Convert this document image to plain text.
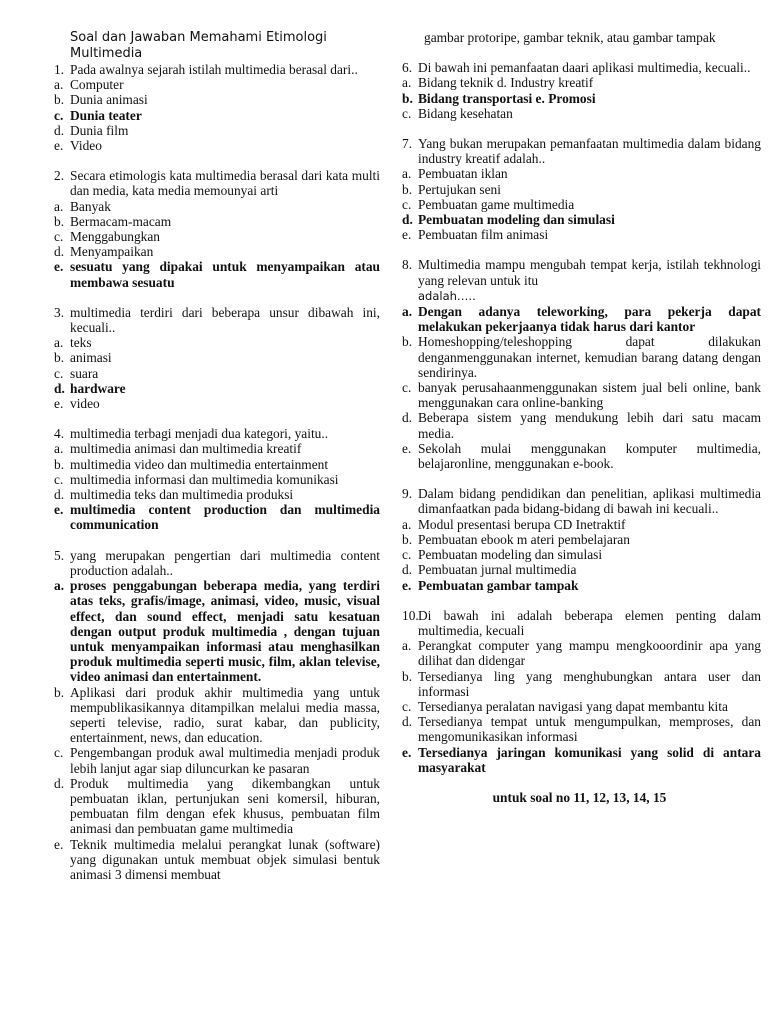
Soal dan Jawaban Memahami Etimologi Multimedia
1. Pada awalnya sejarah istilah multimedia berasal dari..
a. Computer
b. Dunia animasi
c. Dunia teater
d. Dunia film
e. Video
2. Secara etimologis kata multimedia berasal dari kata multi dan media, kata media memounyai arti
a. Banyak
b. Bermacam-macam
c. Menggabungkan
d. Menyampaikan
e. sesuatu yang dipakai untuk menyampaikan atau membawa sesuatu
3. multimedia terdiri dari beberapa unsur dibawah ini, kecuali..
a. teks
b. animasi
c. suara
d. hardware
e. video
4. multimedia terbagi menjadi dua kategori, yaitu..
a. multimedia animasi dan multimedia kreatif
b. multimedia video dan multimedia entertainment
c. multimedia informasi dan multimedia komunikasi
d. multimedia teks dan multimedia produksi
e. multimedia content production dan multimedia communication
5. yang merupakan pengertian dari multimedia content production adalah..
a. proses penggabungan beberapa media, yang terdiri atas teks, grafis/image, animasi, video, music, visual effect, dan sound effect, menjadi satu kesatuan dengan output produk multimedia , dengan tujuan untuk menyampaikan informasi atau menghasilkan produk multimedia seperti music, film, aklan televise, video animasi dan entertainment.
b. Aplikasi dari produk akhir multimedia yang untuk mempublikasikannya ditampilkan melalui media massa, seperti televise, radio, surat kabar, dan publicity, entertainment, news, dan education.
c. Pengembangan produk awal multimedia menjadi produk lebih lanjut agar siap diluncurkan ke pasaran
d. Produk multimedia yang dikembangkan untuk pembuatan iklan, pertunjukan seni komersil, hiburan, pembuatan film dengan efek khusus, pembuatan film animasi dan pembuatan game multimedia
e. Teknik multimedia melalui perangkat lunak (software) yang digunakan untuk membuat objek simulasi bentuk animasi 3 dimensi membuat
gambar protoripe, gambar teknik, atau gambar tampak
6. Di bawah ini pemanfaatan daari aplikasi multimedia, kecuali..
a. Bidang teknik d. Industry kreatif
b. Bidang transportasi e. Promosi
c. Bidang kesehatan
7. Yang bukan merupakan pemanfaatan multimedia dalam bidang industry kreatif adalah..
a. Pembuatan iklan
b. Pertujukan seni
c. Pembuatan game multimedia
d. Pembuatan modeling dan simulasi
e. Pembuatan film animasi
8. Multimedia mampu mengubah tempat kerja, istilah tekhnologi yang relevan untuk itu
adalah…..
a. Dengan adanya teleworking, para pekerja dapat melakukan pekerjaanya tidak harus dari kantor
b. Homeshopping/teleshopping dapat dilakukan denganmenggunakan internet, kemudian barang datang dengan sendirinya.
c. banyak perusahaanmenggunakan sistem jual beli online, bank menggunakan cara online-banking
d. Beberapa sistem yang mendukung lebih dari satu macam media.
e. Sekolah mulai menggunakan komputer multimedia, belajaronline, menggunakan e-book.
9. Dalam bidang pendidikan dan penelitian, aplikasi multimedia dimanfaatkan pada bidang-bidang di bawah ini kecuali..
a. Modul presentasi berupa CD Inetraktif
b. Pembuatan ebook m ateri pembelajaran
c. Pembuatan modeling dan simulasi
d. Pembuatan jurnal multimedia
e. Pembuatan gambar tampak
10. Di bawah ini adalah beberapa elemen penting dalam multimedia, kecuali
a. Perangkat computer yang mampu mengkooordinir apa yang dilihat dan didengar
b. Tersedianya ling yang menghubungkan antara user dan informasi
c. Tersedianya peralatan navigasi yang dapat membantu kita
d. Tersedianya tempat untuk mengumpulkan, memproses, dan mengomunikasikan informasi
e. Tersedianya jaringan komunikasi yang solid di antara masyarakat
untuk soal no 11, 12, 13, 14, 15
